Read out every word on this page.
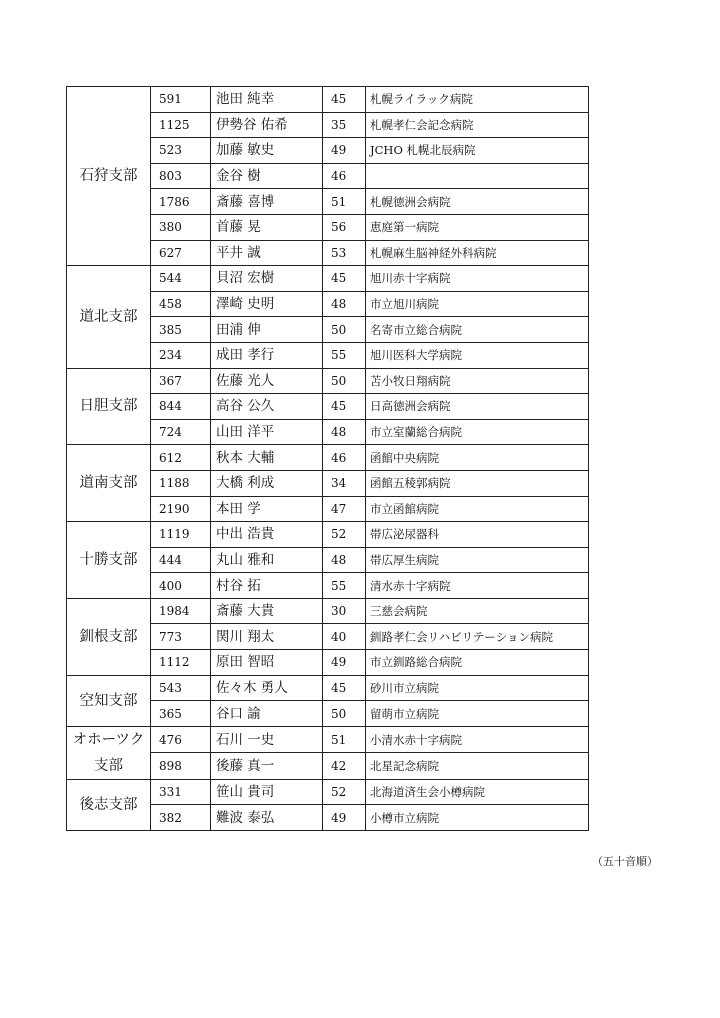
石狩支部	591	池田 純幸	45	札幌ライラック病院
	1125	伊勢谷 佑希	35	札幌孝仁会記念病院
	523	加藤 敏史	49	JCHO 札幌北辰病院
	803	金谷 樹	46	
	1786	斎藤 喜博	51	札幌徳洲会病院
	380	首藤 晃	56	恵庭第一病院
	627	平井 誠	53	札幌麻生脳神経外科病院
道北支部	544	貝沼 宏樹	45	旭川赤十字病院
	458	澤崎 史明	48	市立旭川病院
	385	田浦 伸	50	名寄市立総合病院
	234	成田 孝行	55	旭川医科大学病院
日胆支部	367	佐藤 光人	50	苫小牧日翔病院
	844	高谷 公久	45	日高徳洲会病院
	724	山田 洋平	48	市立室蘭総合病院
道南支部	612	秋本 大輔	46	函館中央病院
	1188	大橋 利成	34	函館五稜郭病院
	2190	本田 学	47	市立函館病院
十勝支部	1119	中出 浩貴	52	帯広泌尿器科
	444	丸山 雅和	48	帯広厚生病院
	400	村谷 拓	55	清水赤十字病院
釧根支部	1984	斎藤 大貴	30	三慈会病院
	773	関川 翔太	40	釧路孝仁会リハビリテーション病院
	1112	原田 智昭	49	市立釧路総合病院
空知支部	543	佐々木 勇人	45	砂川市立病院
	365	谷口 諭	50	留萌市立病院
オホーツク支部	476	石川 一史	51	小清水赤十字病院
	898	後藤 真一	42	北星記念病院
後志支部	331	笹山 貴司	52	北海道済生会小樽病院
	382	難波 泰弘	49	小樽市立病院
（五十音順）
